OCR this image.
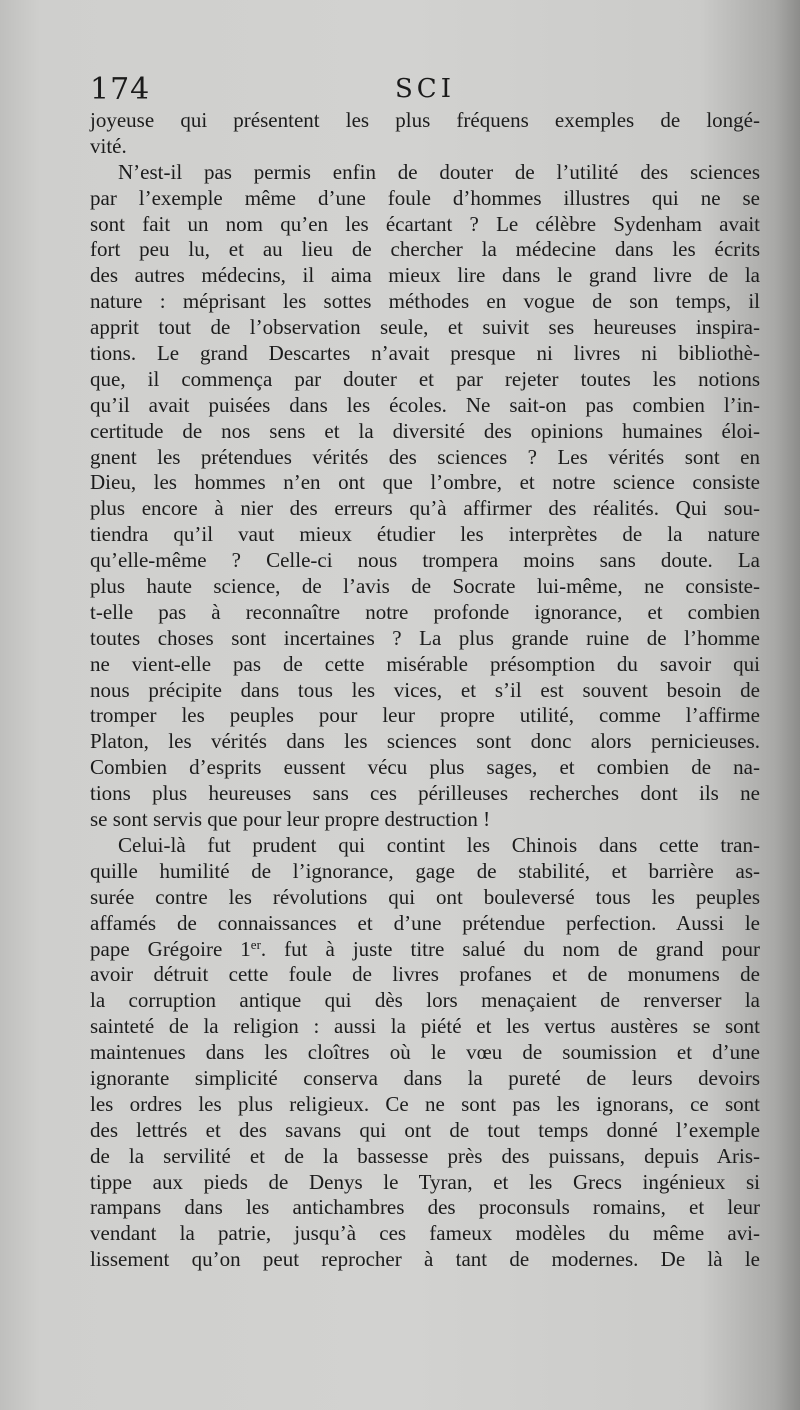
174	SCI
joyeuse qui présentent les plus fréquens exemples de longé-
vité.
N’est-il pas permis enfin de douter de l’utilité des sciences
par l’exemple même d’une foule d’hommes illustres qui ne se
sont fait un nom qu’en les écartant ? Le célèbre Sydenham avait
fort peu lu, et au lieu de chercher la médecine dans les écrits
des autres médecins, il aima mieux lire dans le grand livre de la
nature : méprisant les sottes méthodes en vogue de son temps, il
apprit tout de l’observation seule, et suivit ses heureuses inspira-
tions. Le grand Descartes n’avait presque ni livres ni bibliothè-
que, il commença par douter et par rejeter toutes les notions
qu’il avait puisées dans les écoles. Ne sait-on pas combien l’in-
certitude de nos sens et la diversité des opinions humaines éloi-
gnent les prétendues vérités des sciences ? Les vérités sont en
Dieu, les hommes n’en ont que l’ombre, et notre science consiste
plus encore à nier des erreurs qu’à affirmer des réalités. Qui sou-
tiendra qu’il vaut mieux étudier les interprètes de la nature
qu’elle-même ? Celle-ci nous trompera moins sans doute. La
plus haute science, de l’avis de Socrate lui-même, ne consiste-
t-elle pas à reconnaître notre profonde ignorance, et combien
toutes choses sont incertaines ? La plus grande ruine de l’homme
ne vient-elle pas de cette misérable présomption du savoir qui
nous précipite dans tous les vices, et s’il est souvent besoin de
tromper les peuples pour leur propre utilité, comme l’affirme
Platon, les vérités dans les sciences sont donc alors pernicieuses.
Combien d’esprits eussent vécu plus sages, et combien de na-
tions plus heureuses sans ces périlleuses recherches dont ils ne
se sont servis que pour leur propre destruction !
Celui-là fut prudent qui contint les Chinois dans cette tran-
quille humilité de l’ignorance, gage de stabilité, et barrière as-
surée contre les révolutions qui ont bouleversé tous les peuples
affamés de connaissances et d’une prétendue perfection. Aussi le
pape Grégoire 1er. fut à juste titre salué du nom de grand pour
avoir détruit cette foule de livres profanes et de monumens de
la corruption antique qui dès lors menaçaient de renverser la
sainteté de la religion : aussi la piété et les vertus austères se sont
maintenues dans les cloîtres où le vœu de soumission et d’une
ignorante simplicité conserva dans la pureté de leurs devoirs
les ordres les plus religieux. Ce ne sont pas les ignorans, ce sont
des lettrés et des savans qui ont de tout temps donné l’exemple
de la servilité et de la bassesse près des puissans, depuis Aris-
tippe aux pieds de Denys le Tyran, et les Grecs ingénieux si
rampans dans les antichambres des proconsuls romains, et leur
vendant la patrie, jusqu’à ces fameux modèles du même avi-
lissement qu’on peut reprocher à tant de modernes. De là le
